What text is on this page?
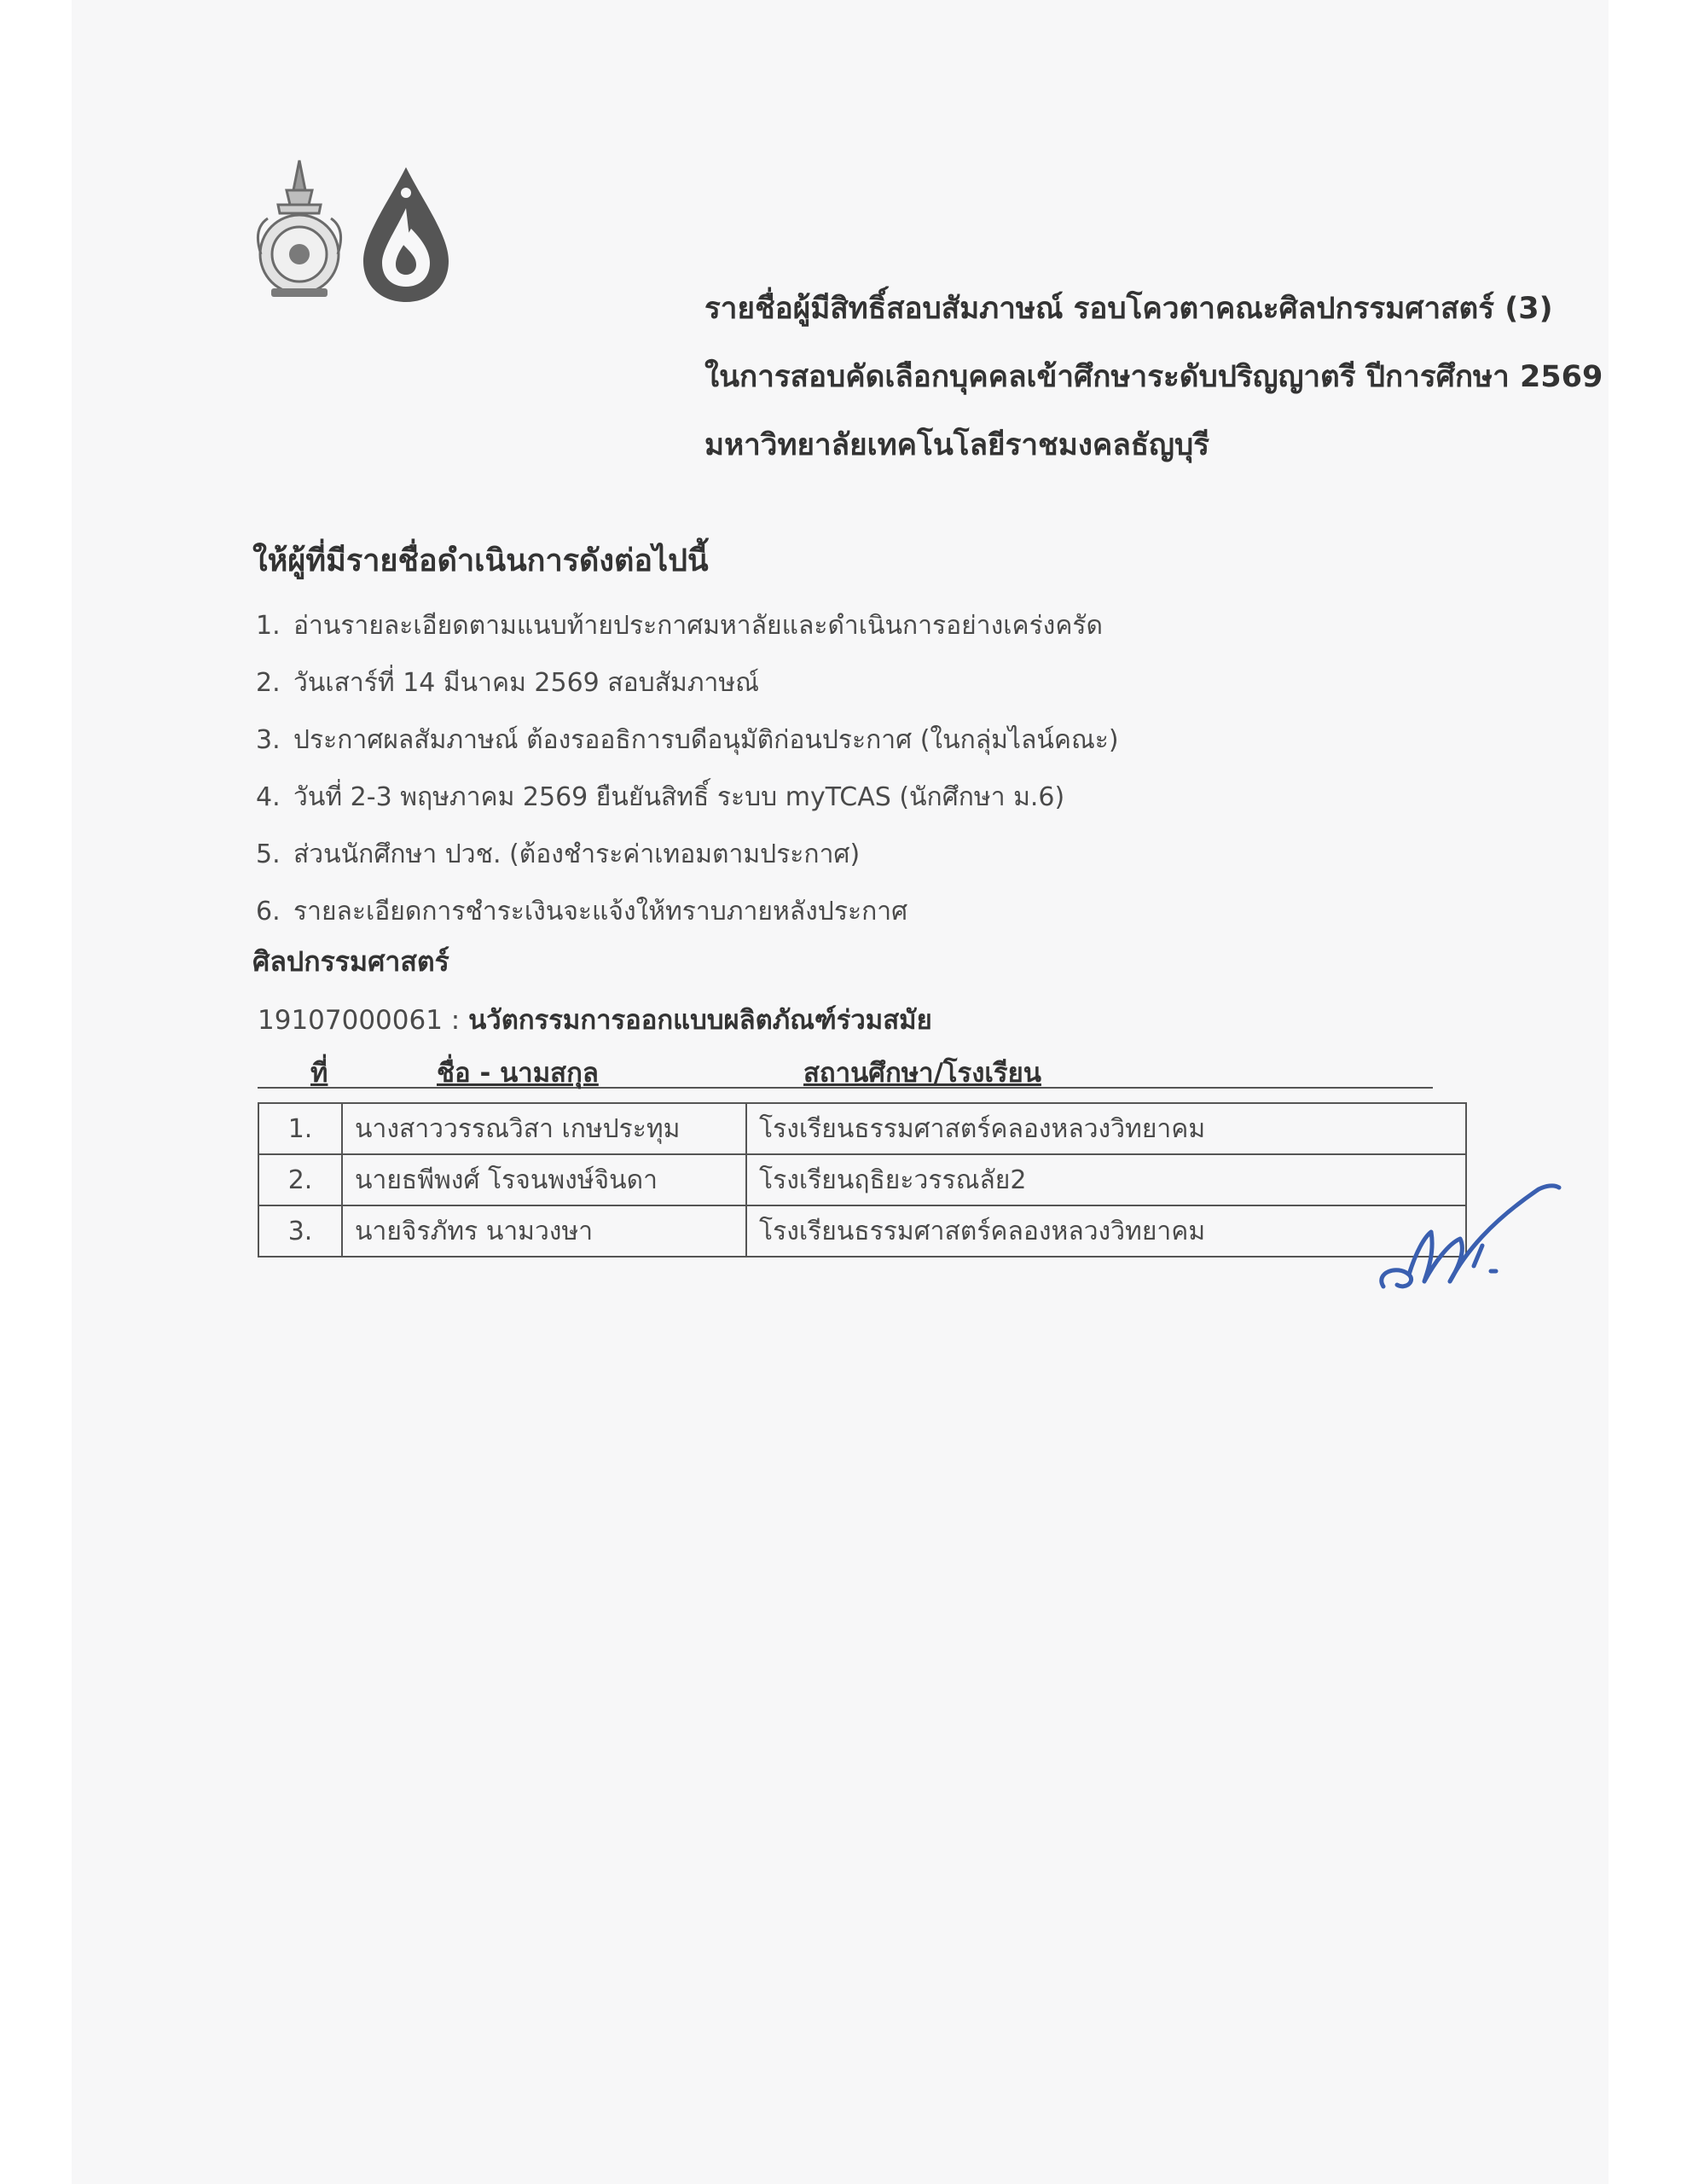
รายชื่อผู้มีสิทธิ์สอบสัมภาษณ์ รอบโควตาคณะศิลปกรรมศาสตร์ (3)
ในการสอบคัดเลือกบุคคลเข้าศึกษาระดับปริญญาตรี ปีการศึกษา 2569
มหาวิทยาลัยเทคโนโลยีราชมงคลธัญบุรี
ให้ผู้ที่มีรายชื่อดำเนินการดังต่อไปนี้
1. อ่านรายละเอียดตามแนบท้ายประกาศมหาลัยและดำเนินการอย่างเคร่งครัด
2. วันเสาร์ที่ 14 มีนาคม 2569 สอบสัมภาษณ์
3. ประกาศผลสัมภาษณ์ ต้องรออธิการบดีอนุมัติก่อนประกาศ (ในกลุ่มไลน์คณะ)
4. วันที่ 2-3 พฤษภาคม 2569 ยืนยันสิทธิ์ ระบบ myTCAS (นักศึกษา ม.6)
5. ส่วนนักศึกษา ปวช. (ต้องชำระค่าเทอมตามประกาศ)
6. รายละเอียดการชำระเงินจะแจ้งให้ทราบภายหลังประกาศ
ศิลปกรรมศาสตร์
19107000061 : นวัตกรรมการออกแบบผลิตภัณฑ์ร่วมสมัย
ที่	ชื่อ - นามสกุล	สถานศึกษา/โรงเรียน
1.	นางสาววรรณวิสา เกษประทุม	โรงเรียนธรรมศาสตร์คลองหลวงวิทยาคม
2.	นายธพีพงศ์ โรจนพงษ์จินดา	โรงเรียนฤธิยะวรรณลัย2
3.	นายจิรภัทร นามวงษา	โรงเรียนธรรมศาสตร์คลองหลวงวิทยาคม
